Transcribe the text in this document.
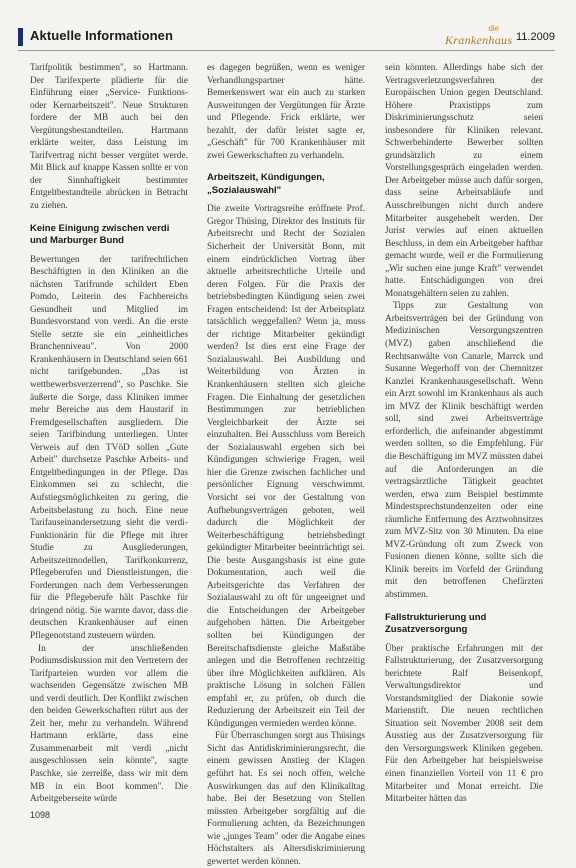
Aktuelle Informationen	die
Krankenhaus 11.2009

Tarifpolitik bestimmen", so Hartmann. Der Tarifexperte plädierte für die Einführung einer „Service- Funktions- oder Kernarbeitszeit". Neue Strukturen fordere der MB auch bei den Vergütungsbestandteilen. Hartmann erklärte weiter, dass Leistung im Tarifvertrag nicht besser vergütet werde. Mit Blick auf knappe Kassen sollte er von der Sinnhaftigkeit bestimmter Entgeltbestandteile abrücken in Betracht zu ziehen.

Keine Einigung zwischen verdi und Marburger Bund

Bewertungen der tarifrechtlichen Beschäftigten in den Kliniken an die nächsten Tarifrunde schildert Eben Pomdo, Leiterin des Fachbereichs Gesundheit und Mitglied im Bundesvorstand von verdi. An die erste Stelle setzte sie ein „einheitliches Branchenniveau". Von 2000 Krankenhäusern in Deutschland seien 661 nicht tarifgebunden. „Das ist wettbewerbsverzerrend", so Paschke. Sie äußerte die Sorge, dass Kliniken immer mehr Bereiche aus dem Haustarif in Fremdgesellschaften ausgliedern. Die seien Tarifbindung unterliegen. Unter Verweis auf den TVöD sollen „Gute Arbeit" durchsetze Paschke Arbeits- und Entgeltbedingungen in der Pflege. Das Einkommen sei zu schlecht, die Aufstiegsmöglichkeiten zu gering, die Arbeitsbelastung zu hoch. Eine neue Tarifauseinandersetzung sieht die verdi-Funktionärin für die Pflege mit ihrer Studie zu Ausgliederungen, Arbeitszeitmodellen, Tarifkonkurrenz, Pflegeberufen und Dienstleistungen, die Forderungen nach dem Verbesserungen für die Pflegeberufe hält Paschke für dringend nötig. Sie warnte davor, dass die deutschen Krankenhäuser auf einen Pflegenotstand zusteuern würden.

In der anschließenden Podiumsdiskussion mit den Vertretern der Tarifparteien wurden vor allem die wachsenden Gegensätze zwischen MB und verdi deutlich. Der Konflikt zwischen den beiden Gewerkschaften rührt aus der Zeit her, mehr zu verhandeln. Während Hartmann erklärte, dass eine Zusammenarbeit mit verdi „nicht ausgeschlossen sein könnte", sagte Paschke, sie zerreiße, dass wir mit dem MB in ein Boot kommen". Die Arbeitgeberseite würde

es dagegen begrüßen, wenn es weniger Verhandlungspartner hätte. Bemerkenswert war ein auch zu starken Ausweitungen der Vergütungen für Ärzte und Pflegende. Frick erklärte, wer bezahlt, der dafür leistet sagte er, „Geschäft" für 700 Krankenhäuser mit zwei Gewerkschaften zu verhandeln.

Arbeitszeit, Kündigungen, „Sozialauswahl"

Die zweite Vortragsreihe eröffnete Prof. Gregor Thüsing, Direktor des Instituts für Arbeitsrecht und Recht der Sozialen Sicherheit der Universität Bonn, mit einem eindrücklichen Vortrag über aktuelle arbeitsrechtliche Urteile und deren Folgen. Für die Praxis der betriebsbedingten Kündigung seien zwei Fragen entscheidend: Ist der Arbeitsplatz tatsächlich weggefallen? Wenn ja, muss der richtige Mitarbeiter gekündigt werden? Ist dies erst eine Frage der Sozialauswahl. Bei Ausbildung und Weiterbildung von Ärzten in Krankenhäusern stellten sich gleiche Fragen. Die Einhaltung der gesetzlichen Bestimmungen zur betrieblichen Vergleichbarkeit der Ärzte sei einzuhalten. Bei Ausschluss vom Bereich der Sozialauswahl ergeben sich bei Kündigungen schwierige Fragen, weil hier die Grenze zwischen fachlicher und persönlicher Eignung verschwimmt. Vorsicht sei vor der Gestaltung von Aufhebungsverträgen geboten, weil dadurch die Möglichkeit der Weiterbeschäftigung betriebsbedingt gekündigter Mitarbeiter beeinträchtigt sei. Die beste Ausgangsbasis ist eine gute Dokumentation, auch weil die Arbeitsgerichte das Verfahren der Sozialauswahl zu oft für ungeeignet und die Entscheidungen der Arbeitgeber aufgehoben hätten. Die Arbeitgeber sollten bei Kündigungen der Bereitschaftsdienste gleiche Maßstäbe anlegen und die Betroffenen rechtzeitig über ihre Möglichkeiten aufklären. Als praktische Lösung in solchen Fällen empfahl er, zu prüfen, ob durch die Reduzierung der Arbeitszeit ein Teil der Kündigungen vermieden werden könne.

Für Überraschungen sorgt aus Thüsings Sicht das Antidiskriminierungsrecht, die einem gewissen Anstieg der Klagen geführt hat. Es sei noch offen, welche Auswirkungen das auf den Klinikalltag habe. Bei der Besetzung von Stellen müssten Arbeitgeber sorgfältig auf die Formulierung achten, da Bezeichnungen wie „junges Team" oder die Angabe eines Höchstalters als Altersdiskriminierung gewertet werden können.

sein könnten. Allerdings habe sich der Vertragsverletzungsverfahren der Europäischen Union gegen Deutschland. Höhere Praxistipps zum Diskriminierungsschutz seien insbesondere für Kliniken relevant. Schwerbehinderte Bewerber sollten grundsätzlich zu einem Vorstellungsgespräch eingeladen werden. Der Arbeitgeber müsse auch dafür sorgen, dass seine Arbeitsabläufe und Ausschreibungen nicht durch andere Mitarbeiter ausgehebelt werden. Der Jurist verwies auf einen aktuellen Beschluss, in dem ein Arbeitgeber haftbar gemacht wurde, weil er die Formulierung „Wir suchen eine junge Kraft" verwendet hatte. Entschädigungen von drei Monatsgehältern seien zu zahlen.

Tipps zur Gestaltung von Arbeitsverträgen bei der Gründung von Medizinischen Versorgungszentren (MVZ) gaben anschließend die Rechtsanwälte von Canarle, Marrck und Susanne Wegerhoff von der Chemnitzer Kanzlei Krankenhausgesellschaft. Wenn ein Arzt sowohl im Krankenhaus als auch im MVZ der Klinik beschäftigt werden soll, sind zwei Arbeitsverträge erforderlich, die aufeinander abgestimmt werden sollten, so die Empfehlung. Für die Beschäftigung im MVZ müssten dabei auf die Anforderungen an die vertragsärztliche Tätigkeit geachtet werden, etwa zum Beispiel bestimmte Mindestsprechstundenzeiten oder eine räumliche Entfernung des Arztwohnsitzes zum MVZ-Sitz von 30 Minuten. Da eine MVZ-Gründung oft zum Zweck von Fusionen dienen könne, sollte sich die Klinik bereits im Vorfeld der Gründung mit den betroffenen Chefärzten abstimmen.

Fallstrukturierung und Zusatzversorgung

Über praktische Erfahrungen mit der Fallstrukturierung, der Zusatzversorgung berichtete Ralf Beisenkopf, Verwaltungsdirektor und Vorstandsmitglied der Diakonie sowie Marienstift. Die neuen rechtlichen Situation seit November 2008 seit dem Ausstieg aus der Zusatzversorgung für den Versorgungswerk Kliniken gegeben. Für den Arbeitgeber hat beispielsweise einen finanziellen Vorteil von 11 € pro Mitarbeiter und Monat erreicht. Die Mitarbeiter hätten das

1098
